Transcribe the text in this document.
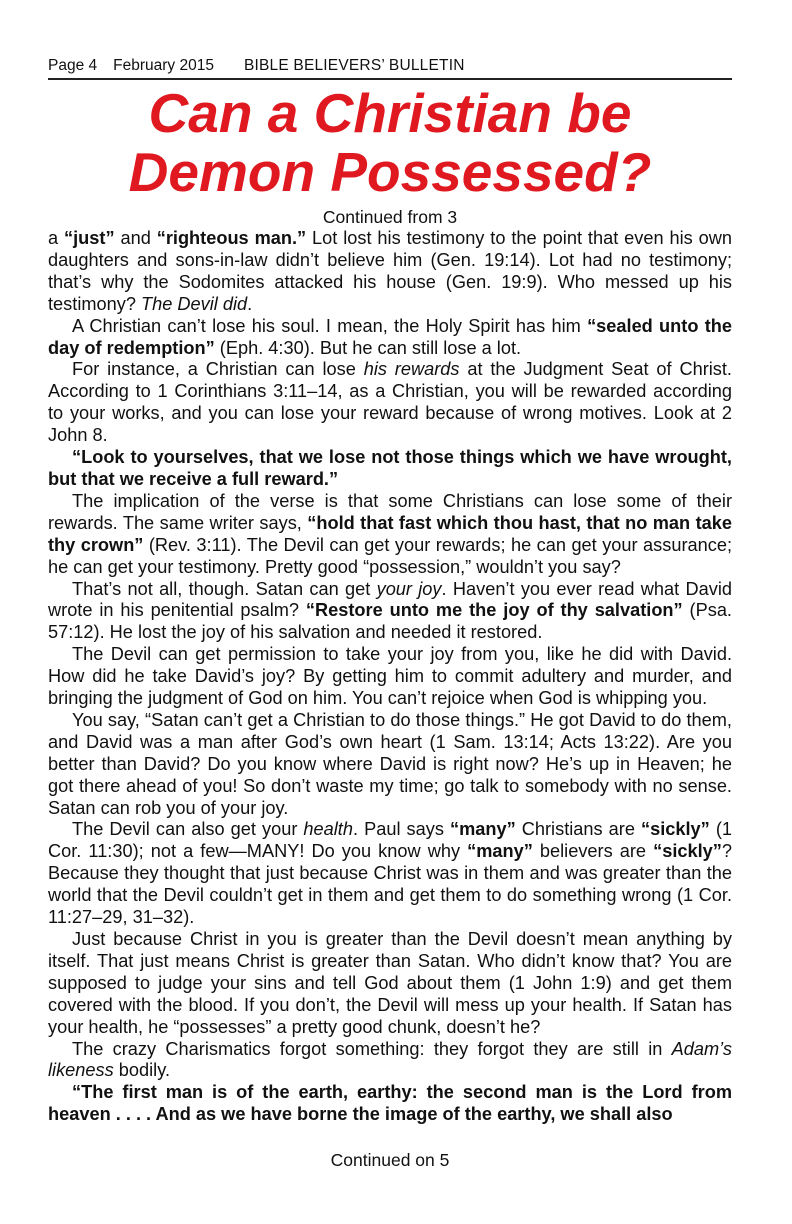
Page 4 February 2015 BIBLE BELIEVERS’ BULLETIN
Can a Christian be
Demon Possessed?
Continued from 3

a “just” and “righteous man.” Lot lost his testimony to the point that even his own daughters and sons-in-law didn’t believe him (Gen. 19:14). Lot had no testimony; that’s why the Sodomites attacked his house (Gen. 19:9). Who messed up his testimony? The Devil did.

A Christian can’t lose his soul. I mean, the Holy Spirit has him “sealed unto the day of redemption” (Eph. 4:30). But he can still lose a lot.

For instance, a Christian can lose his rewards at the Judgment Seat of Christ. According to 1 Corinthians 3:11–14, as a Christian, you will be rewarded according to your works, and you can lose your reward because of wrong motives. Look at 2 John 8.

“Look to yourselves, that we lose not those things which we have wrought, but that we receive a full reward.”

The implication of the verse is that some Christians can lose some of their rewards. The same writer says, “hold that fast which thou hast, that no man take thy crown” (Rev. 3:11). The Devil can get your rewards; he can get your assurance; he can get your testimony. Pretty good “possession,” wouldn’t you say?

That’s not all, though. Satan can get your joy. Haven’t you ever read what David wrote in his penitential psalm? “Restore unto me the joy of thy salvation” (Psa. 57:12). He lost the joy of his salvation and needed it restored.

The Devil can get permission to take your joy from you, like he did with David. How did he take David’s joy? By getting him to commit adultery and murder, and bringing the judgment of God on him. You can’t rejoice when God is whipping you.

You say, “Satan can’t get a Christian to do those things.” He got David to do them, and David was a man after God’s own heart (1 Sam. 13:14; Acts 13:22). Are you better than David? Do you know where David is right now? He’s up in Heaven; he got there ahead of you! So don’t waste my time; go talk to somebody with no sense. Satan can rob you of your joy.

The Devil can also get your health. Paul says “many” Christians are “sickly” (1 Cor. 11:30); not a few—MANY! Do you know why “many” believers are “sickly”? Because they thought that just because Christ was in them and was greater than the world that the Devil couldn’t get in them and get them to do something wrong (1 Cor. 11:27–29, 31–32).

Just because Christ in you is greater than the Devil doesn’t mean anything by itself. That just means Christ is greater than Satan. Who didn’t know that? You are supposed to judge your sins and tell God about them (1 John 1:9) and get them covered with the blood. If you don’t, the Devil will mess up your health. If Satan has your health, he “possesses” a pretty good chunk, doesn’t he?

The crazy Charismatics forgot something: they forgot they are still in Adam’s likeness bodily.

“The first man is of the earth, earthy: the second man is the Lord from heaven . . . . And as we have borne the image of the earthy, we shall also

Continued on 5
